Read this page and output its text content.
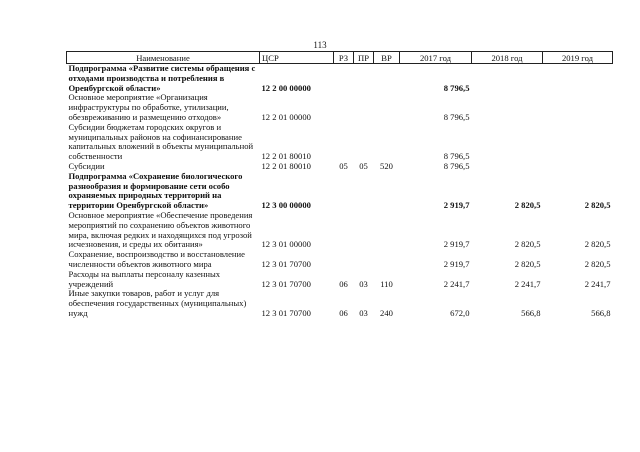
113
Наименование	ЦСР	РЗ	ПР	ВР	2017 год	2018 год	2019 год
Подпрограмма «Развитие системы обращения с отходами производства и потребления в Оренбургской области»	12 2 00 00000				8 796,5		
Основное мероприятие «Организация инфраструктуры по обработке, утилизации, обезвреживанию и размещению отходов»	12 2 01 00000				8 796,5		
Субсидии бюджетам городских округов и муниципальных районов на софинансирование капитальных вложений в объекты муниципальной собственности	12 2 01 80010				8 796,5		
Субсидии	12 2 01 80010	05	05	520	8 796,5		
Подпрограмма «Сохранение биологического разнообразия и формирование сети особо охраняемых природных территорий на территории Оренбургской области»	12 3 00 00000				2 919,7	2 820,5	2 820,5
Основное мероприятие «Обеспечение проведения мероприятий по сохранению объектов животного мира, включая редких и находящихся под угрозой исчезновения, и среды их обитания»	12 3 01 00000				2 919,7	2 820,5	2 820,5
Сохранение, воспроизводство и восстановление численности объектов животного мира	12 3 01 70700				2 919,7	2 820,5	2 820,5
Расходы на выплаты персоналу казенных учреждений	12 3 01 70700	06	03	110	2 241,7	2 241,7	2 241,7
Иные закупки товаров, работ и услуг для обеспечения государственных (муниципальных) нужд	12 3 01 70700	06	03	240	672,0	566,8	566,8
